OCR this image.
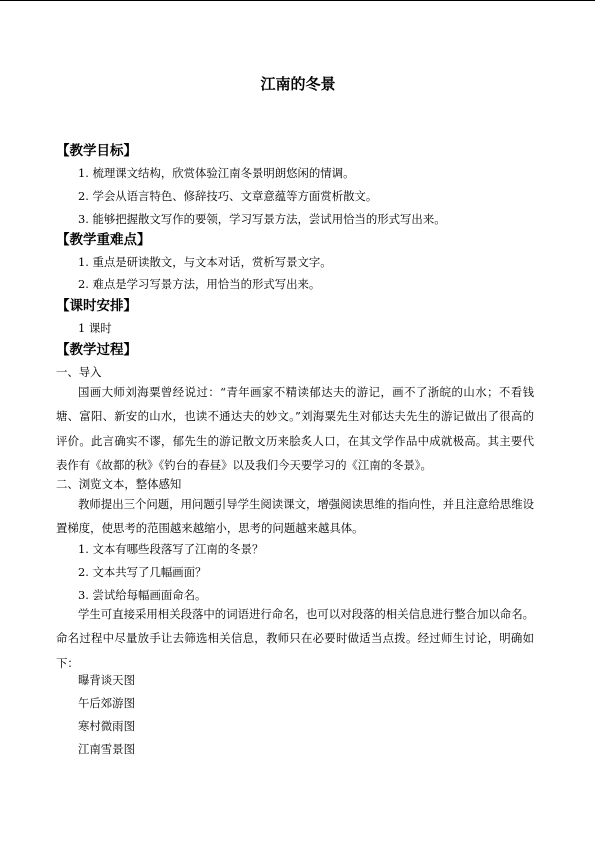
江南的冬景
【教学目标】
1. 梳理课文结构，欣赏体验江南冬景明朗悠闲的情调。
2. 学会从语言特色、修辞技巧、文章意蕴等方面赏析散文。
3. 能够把握散文写作的要领，学习写景方法，尝试用恰当的形式写出来。
【教学重难点】
1. 重点是研读散文，与文本对话，赏析写景文字。
2. 难点是学习写景方法，用恰当的形式写出来。
【课时安排】
1 课时
【教学过程】
一、导入
国画大师刘海粟曾经说过：“青年画家不精读郁达夫的游记，画不了浙皖的山水；不看钱塘、富阳、新安的山水，也读不通达夫的妙文。”刘海粟先生对郁达夫先生的游记做出了很高的评价。此言确实不谬，郁先生的游记散文历来脍炙人口，在其文学作品中成就极高。其主要代表作有《故都的秋》《钓台的春昼》以及我们今天要学习的《江南的冬景》。
二、浏览文本，整体感知
教师提出三个问题，用问题引导学生阅读课文，增强阅读思维的指向性，并且注意给思维设置梯度，使思考的范围越来越缩小，思考的问题越来越具体。
1. 文本有哪些段落写了江南的冬景？
2. 文本共写了几幅画面？
3. 尝试给每幅画面命名。
学生可直接采用相关段落中的词语进行命名，也可以对段落的相关信息进行整合加以命名。命名过程中尽量放手让去筛选相关信息，教师只在必要时做适当点拨。经过师生讨论，明确如下：
曝背谈天图
午后郊游图
寒村微雨图
江南雪景图
